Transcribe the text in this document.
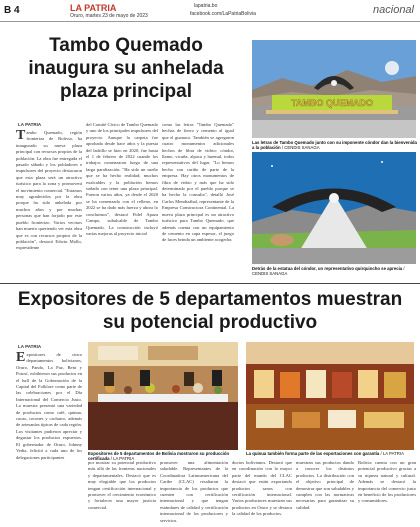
B 4	LA PATRIA
Oruro, martes 23 de mayo de 2023
lapatria.bo
facebook.com/LaPatriaBolivia	nacional
Tambo Quemado inaugura su anhelada plaza principal
LA PATRIA
Tambo Quemado, región fronteriza de Bolivia, ha inaugurado su nueva plaza principal con recursos propios de la población. La obra fue entregada el pasado sábado y los pobladores e impulsores del proyecto destacaron que esta plaza será un atractivo turístico para la zona y promoverá el movimiento comercial. "Estamos muy agradecidos por la obra porque ha sido anhelada por muchos años y por muchas personas que han forjado por este pueblo fronterizo. Varios vecinos han muerto queriendo ver esta obra que es con recursos propios de la población", destacó Edwin Mollo, expresidente
del Comité Cívico de Tambo Quemado y uno de los principales impulsores del proyecto. Aunque la carpeta fue aprobada desde hace años y la puesta del ladrillo se hizo en 2020, fue hasta el 1 de febrero de 2022 cuando los trabajos comenzaron luego de una larga paralización. "Ha sido un sueño que se ha hecho realidad; muchos exalcaldes y la población hemos soñado con tener una plaza principal. Fueron varios años, ya desde el 2020 se ha comenzado con el relleno, en 2022 se ha dado más fuerza y ahora lo concluimos", destacó Fidel Apaza Campo, subalcalde de Tambo Quemado. La construcción incluyó varias mejoras al proyecto inicial
como las letras "Tambo Quemado" hechas de fierro y cemento al igual que el guanaco. También se agregaron cuatro monumentos adicionales hechos de fibra de vidrio: cóndor, llamo, vicuña, alpaca y huemul, todos representativos del lugar. "Lo hemos hecho con cariño de parte de la empresa. Hay otros monumentos de fibra de vidrio y más que ha sido determinado por el pueblo porque se ha hecho la consulta", detalló José Carlos Mendizábal, representante de la Empresa Constructora Continental. La nueva plaza principal es un atractivo turístico para Tambo Quemado, que además cuenta con un equipamiento de cemento en capa espesor, el juego de luces brinda un ambiente acogedor.
TAMBO QUEMADO
Las letras de Tambo Quemado junto con su imponente cóndor dan la bienvenida a la población / CENDIS SANAGA
Detrás de la estatua del cóndor, un representativo quirquincho se aprecia / CENDIS SANAGA
Expositores de 5 departamentos muestran su potencial productivo
LA PATRIA
Expositores de cinco departamentos bolivianos, Oruro, Pando, La Paz, Beni y Potosí, exhibieron sus productos en el hall de la Gobernación de la Capital del Folklore como parte de las celebraciones por el Día Internacional del Comercio Justo. La muestra presentó una variedad de productos como café, quinua, cacao, tocones y cacharro, además de artesanías típicas de cada región. Los visitantes pudieron apreciar y degustar los productos expuestos. El gobernador de Oruro, Johnny Vedia, felicitó a cada uno de los delegaciones participantes
Expositores de 5 departamentos de Bolivia mostraron su producción certificada / LA PATRIA
La quinua también forma parte de las exportaciones con garantía / LA PATRIA
por mostrar su potencial productivo más allá de las fronteras nacionales y departamentales. Destacó que es muy elogiable que los productos tengan certificación internacional y promover el crecimiento económico y fortalecer una mayor justicia comercial.
promover una alimentación saludable. Representantes de la Coordinadora Latinoamericana del Caribe (CLAC) resaltaron la importancia de los productos que cuenten con certificación internacional y que tengan estándares de calidad y certificación internacional de los productores y servicios.
ductos bolivianos. Destacó que en coordinación con la mayor parte del mundo del CLAC destacó que están exportando productos sanos con certificación internacional. Varios productores muestran sus productos en Oruro y se destaca la calidad de los productos.
muestran sus productos dando a conocer los distintos productos. La distribución con el objetivo principal de demostrar que son saludables y cumplen con las normativas necesarias para garantizar su calidad.
Bolivia cuenta con un gran potencial productivo gracias a su riqueza natural y cultural. Además se destacó la importancia del comercio justo en beneficio de los productores y consumidores.
